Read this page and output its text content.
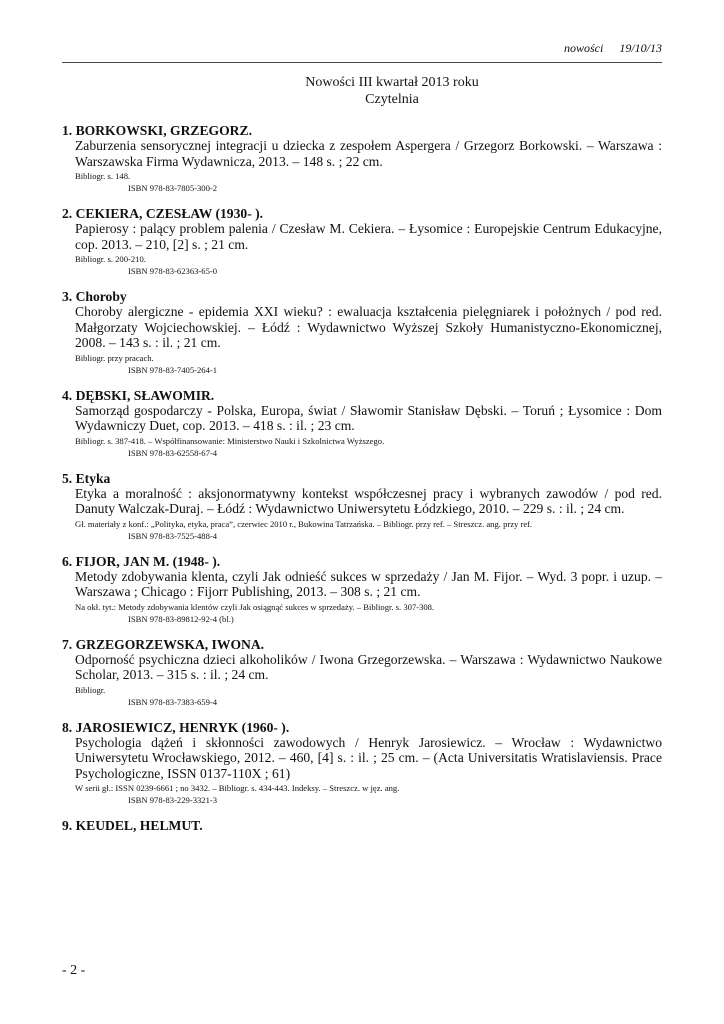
nowości 19/10/13
Nowości III kwartał 2013 roku
Czytelnia
1. BORKOWSKI, GRZEGORZ.
Zaburzenia sensorycznej integracji u dziecka z zespołem Aspergera / Grzegorz Borkowski. – Warszawa : Warszawska Firma Wydawnicza, 2013. – 148 s. ; 22 cm.
Bibliogr. s. 148.
ISBN 978-83-7805-300-2
2. CEKIERA, CZESŁAW (1930- ).
Papierosy : palący problem palenia / Czesław M. Cekiera. – Łysomice : Europejskie Centrum Edukacyjne, cop. 2013. – 210, [2] s. ; 21 cm.
Bibliogr. s. 200-210.
ISBN 978-83-62363-65-0
3. Choroby
Choroby alergiczne - epidemia XXI wieku? : ewaluacja kształcenia pielęgniarek i położnych / pod red. Małgorzaty Wojciechowskiej. – Łódź : Wydawnictwo Wyższej Szkoły Humanistyczno-Ekonomicznej, 2008. – 143 s. : il. ; 21 cm.
Bibliogr. przy pracach.
ISBN 978-83-7405-264-1
4. DĘBSKI, SŁAWOMIR.
Samorząd gospodarczy - Polska, Europa, świat / Sławomir Stanisław Dębski. – Toruń ; Łysomice : Dom Wydawniczy Duet, cop. 2013. – 418 s. : il. ; 23 cm.
Bibliogr. s. 387-418. – Współfinansowanie: Ministerstwo Nauki i Szkolnictwa Wyższego.
ISBN 978-83-62558-67-4
5. Etyka
Etyka a moralność : aksjonormatywny kontekst współczesnej pracy i wybranych zawodów / pod red. Danuty Walczak-Duraj. – Łódź : Wydawnictwo Uniwersytetu Łódzkiego, 2010. – 229 s. : il. ; 24 cm.
Gł. materiały z konf.: „Polityka, etyka, praca”, czerwiec 2010 r., Bukowina Tatrzańska. – Bibliogr. przy ref. – Streszcz. ang. przy ref.
ISBN 978-83-7525-488-4
6. FIJOR, JAN M. (1948- ).
Metody zdobywania klenta, czyli Jak odnieść sukces w sprzedaży / Jan M. Fijor. – Wyd. 3 popr. i uzup. – Warszawa ; Chicago : Fijorr Publishing, 2013. – 308 s. ; 21 cm.
Na okł. tyt.: Metody zdobywania klentów czyli Jak osiągnąć sukces w sprzedaży. – Bibliogr. s. 307-308.
ISBN 978-83-89812-92-4 (bl.)
7. GRZEGORZEWSKA, IWONA.
Odporność psychiczna dzieci alkoholików / Iwona Grzegorzewska. – Warszawa : Wydawnictwo Naukowe Scholar, 2013. – 315 s. : il. ; 24 cm.
Bibliogr.
ISBN 978-83-7383-659-4
8. JAROSIEWICZ, HENRYK (1960- ).
Psychologia dążeń i skłonności zawodowych / Henryk Jarosiewicz. – Wrocław : Wydawnictwo Uniwersytetu Wrocławskiego, 2012. – 460, [4] s. : il. ; 25 cm. – (Acta Universitatis Wratislaviensis. Prace Psychologiczne, ISSN 0137-110X ; 61)
W serii gł.: ISSN 0239-6661 ; no 3432. – Bibliogr. s. 434-443. Indeksy. – Streszcz. w jęz. ang.
ISBN 978-83-229-3321-3
9. KEUDEL, HELMUT.
- 2 -
